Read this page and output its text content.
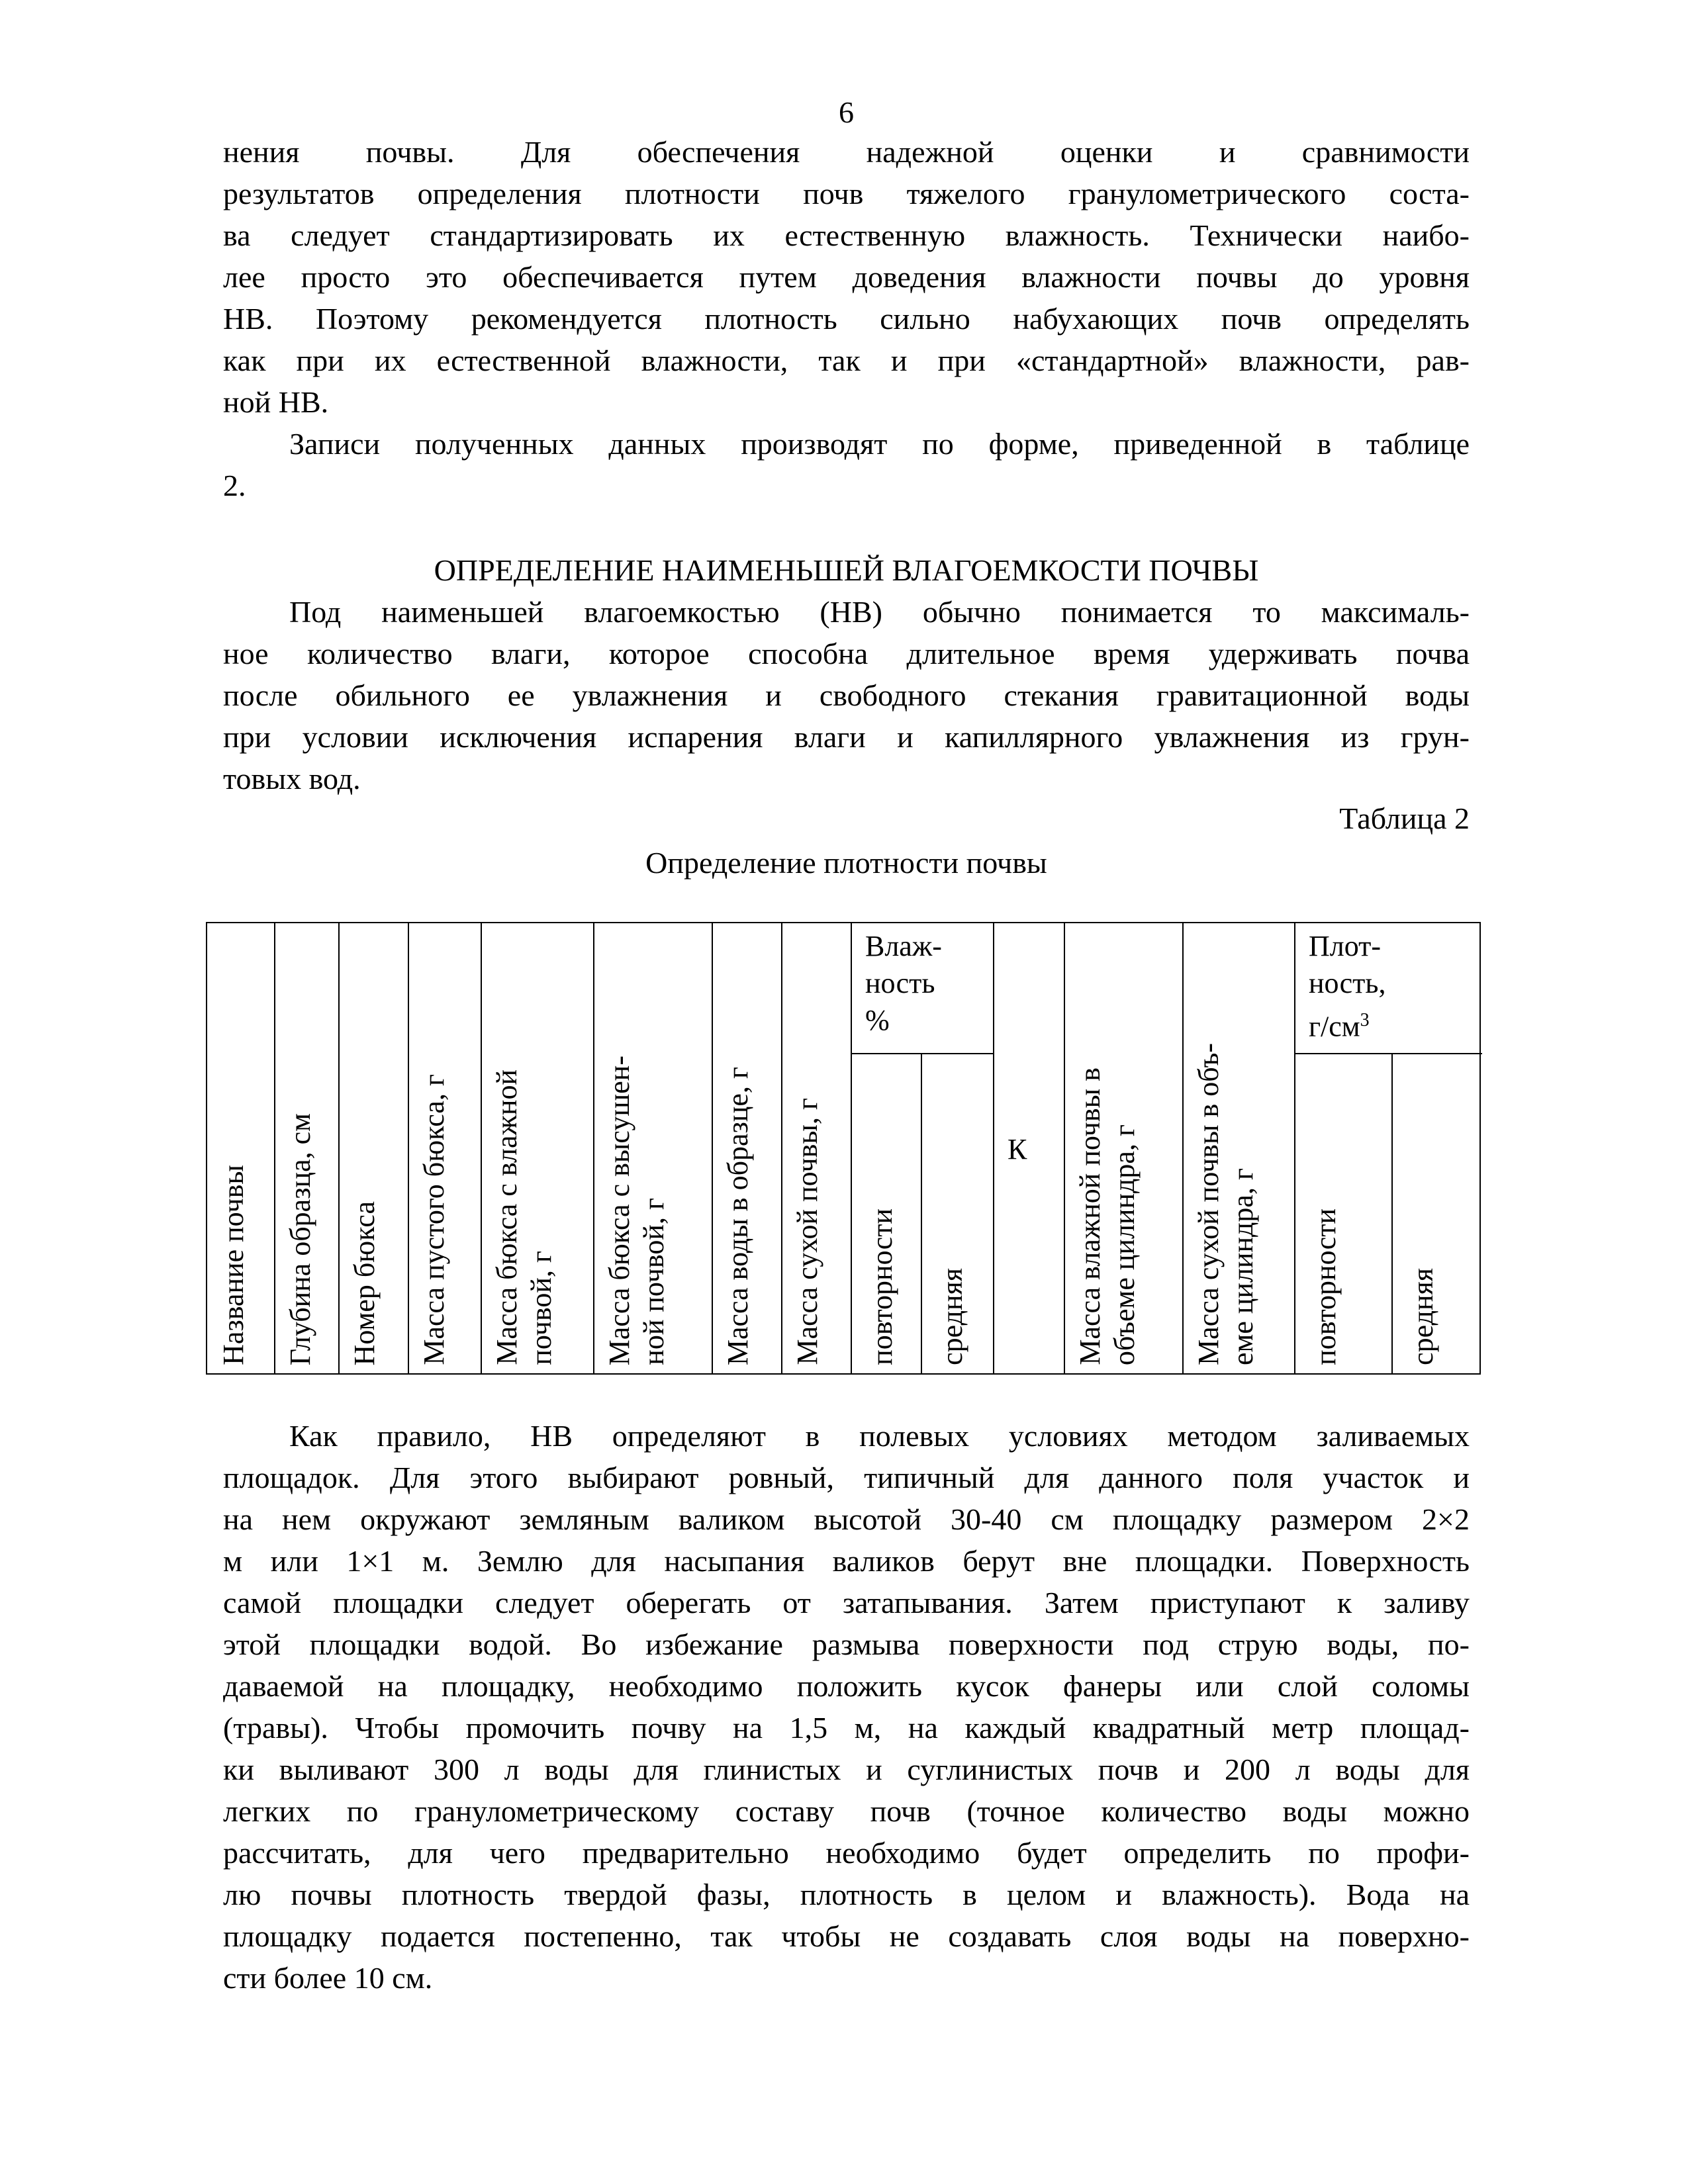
6
нения почвы. Для обеспечения надежной оценки и сравнимости
результатов определения плотности почв тяжелого гранулометрического соста-
ва следует стандартизировать их естественную влажность. Технически наибо-
лее просто это обеспечивается путем доведения влажности почвы до уровня
НВ. Поэтому рекомендуется плотность сильно набухающих почв определять
как при их естественной влажности, так и при «стандартной» влажности, рав-
ной НВ.
Записи полученных данных производят по форме, приведенной в таблице
2.
ОПРЕДЕЛЕНИЕ НАИМЕНЬШЕЙ ВЛАГОЕМКОСТИ ПОЧВЫ
Под наименьшей влагоемкостью (НВ) обычно понимается то максималь-
ное количество влаги, которое способна длительное время удерживать почва
после обильного ее увлажнения и свободного стекания гравитационной воды
при условии исключения испарения влаги и капиллярного увлажнения из грун-
товых вод.
Таблица 2
Определение плотности почвы
Название почвы Глубина образца, см Номер бюкса Масса пустого бюкса, г Масса бюкса с влажной почвой, г Масса бюкса с высушен- ной почвой, г Масса воды в образце, г Масса сухой почвы, г повторности средняя	Масса влажной почвы в объеме цилиндра, г Масса сухой почвы в объ- еме цилиндра, г повторности средняя
Влаж-
ность
%
Плот-
ность,
$г/см^3$
К
Как правило, НВ определяют в полевых условиях методом заливаемых
площадок. Для этого выбирают ровный, типичный для данного поля участок и
на нем окружают земляным валиком высотой 30-40 см площадку размером 2×2
м или 1×1 м. Землю для насыпания валиков берут вне площадки. Поверхность
самой площадки следует оберегать от затапывания. Затем приступают к заливу
этой площадки водой. Во избежание размыва поверхности под струю воды, по-
даваемой на площадку, необходимо положить кусок фанеры или слой соломы
(травы). Чтобы промочить почву на 1,5 м, на каждый квадратный метр площад-
ки выливают 300 л воды для глинистых и суглинистых почв и 200 л воды для
легких по гранулометрическому составу почв (точное количество воды можно
рассчитать, для чего предварительно необходимо будет определить по профи-
лю почвы плотность твердой фазы, плотность в целом и влажность). Вода на
площадку подается постепенно, так чтобы не создавать слоя воды на поверхно-
сти более 10 см.
